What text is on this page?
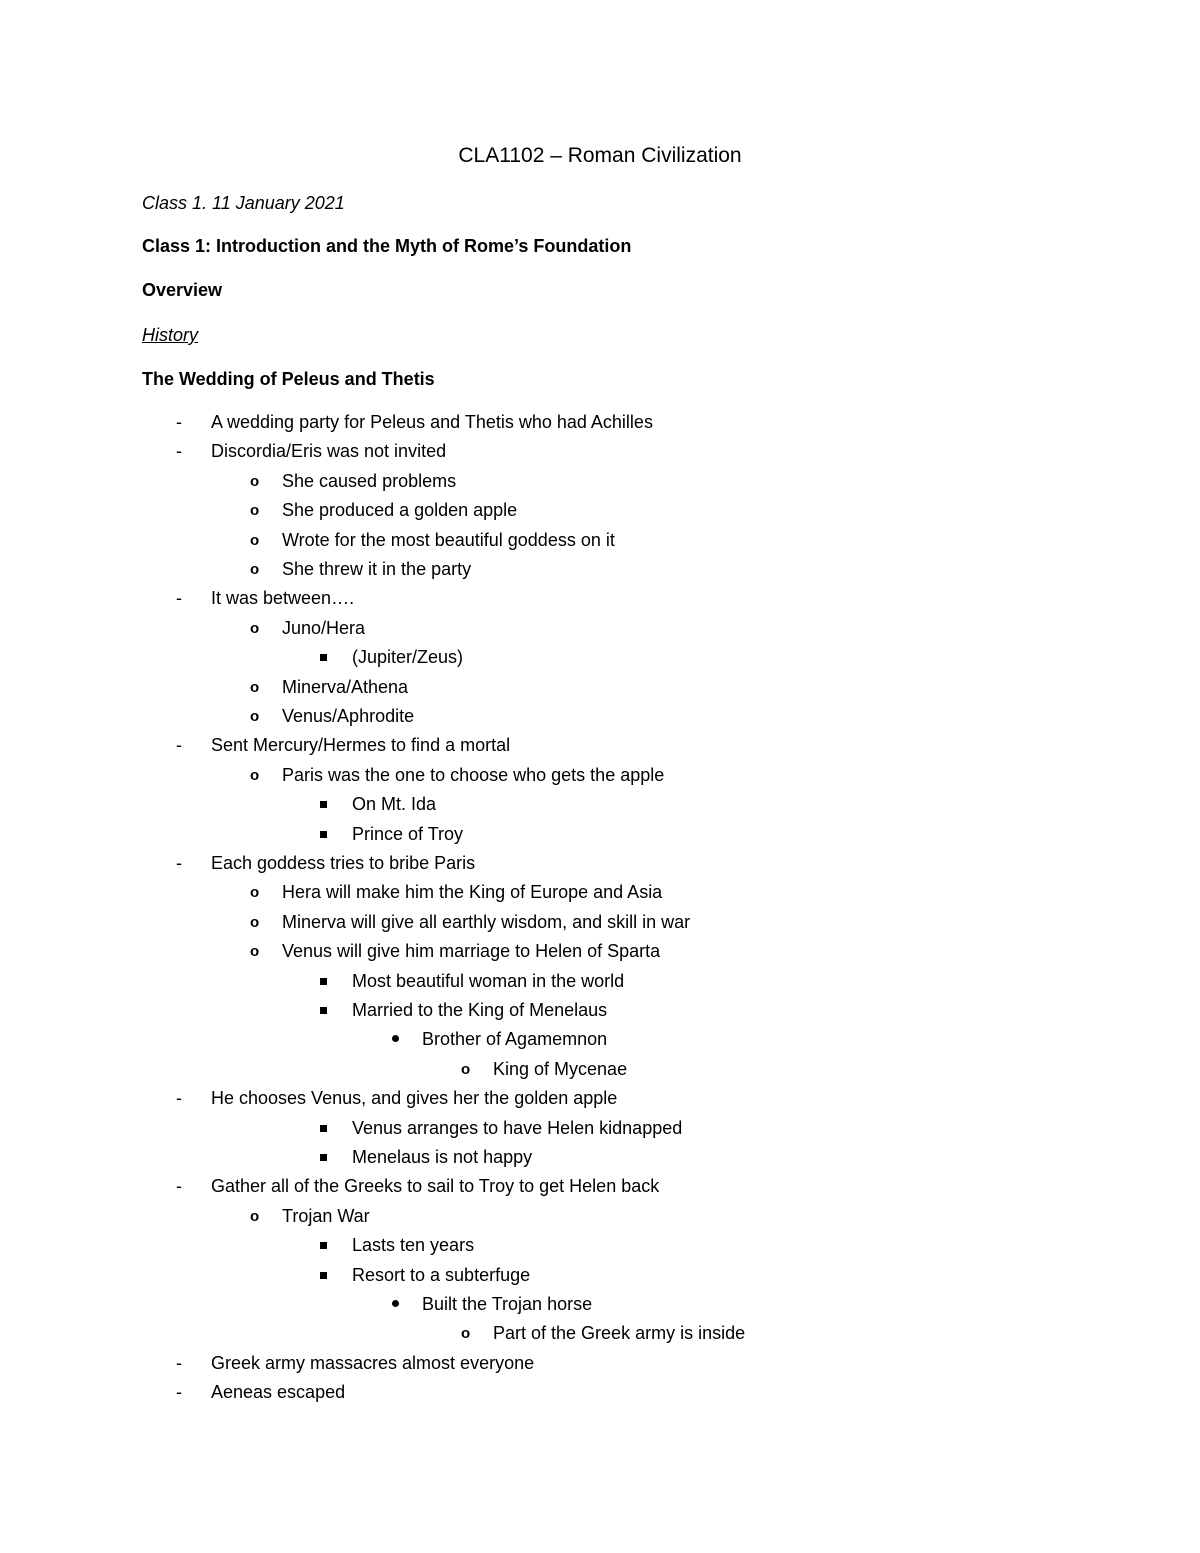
CLA1102 – Roman Civilization
Class 1. 11 January 2021
Class 1: Introduction and the Myth of Rome’s Foundation
Overview
History
The Wedding of Peleus and Thetis
- A wedding party for Peleus and Thetis who had Achilles
- Discordia/Eris was not invited
o She caused problems
o She produced a golden apple
o Wrote for the most beautiful goddess on it
o She threw it in the party
- It was between….
o Juno/Hera
(Jupiter/Zeus)
o Minerva/Athena
o Venus/Aphrodite
- Sent Mercury/Hermes to find a mortal
o Paris was the one to choose who gets the apple
On Mt. Ida
Prince of Troy
- Each goddess tries to bribe Paris
o Hera will make him the King of Europe and Asia
o Minerva will give all earthly wisdom, and skill in war
o Venus will give him marriage to Helen of Sparta
Most beautiful woman in the world
Married to the King of Menelaus
Brother of Agamemnon
o King of Mycenae
- He chooses Venus, and gives her the golden apple
Venus arranges to have Helen kidnapped
Menelaus is not happy
- Gather all of the Greeks to sail to Troy to get Helen back
o Trojan War
Lasts ten years
Resort to a subterfuge
Built the Trojan horse
o Part of the Greek army is inside
- Greek army massacres almost everyone
- Aeneas escaped
